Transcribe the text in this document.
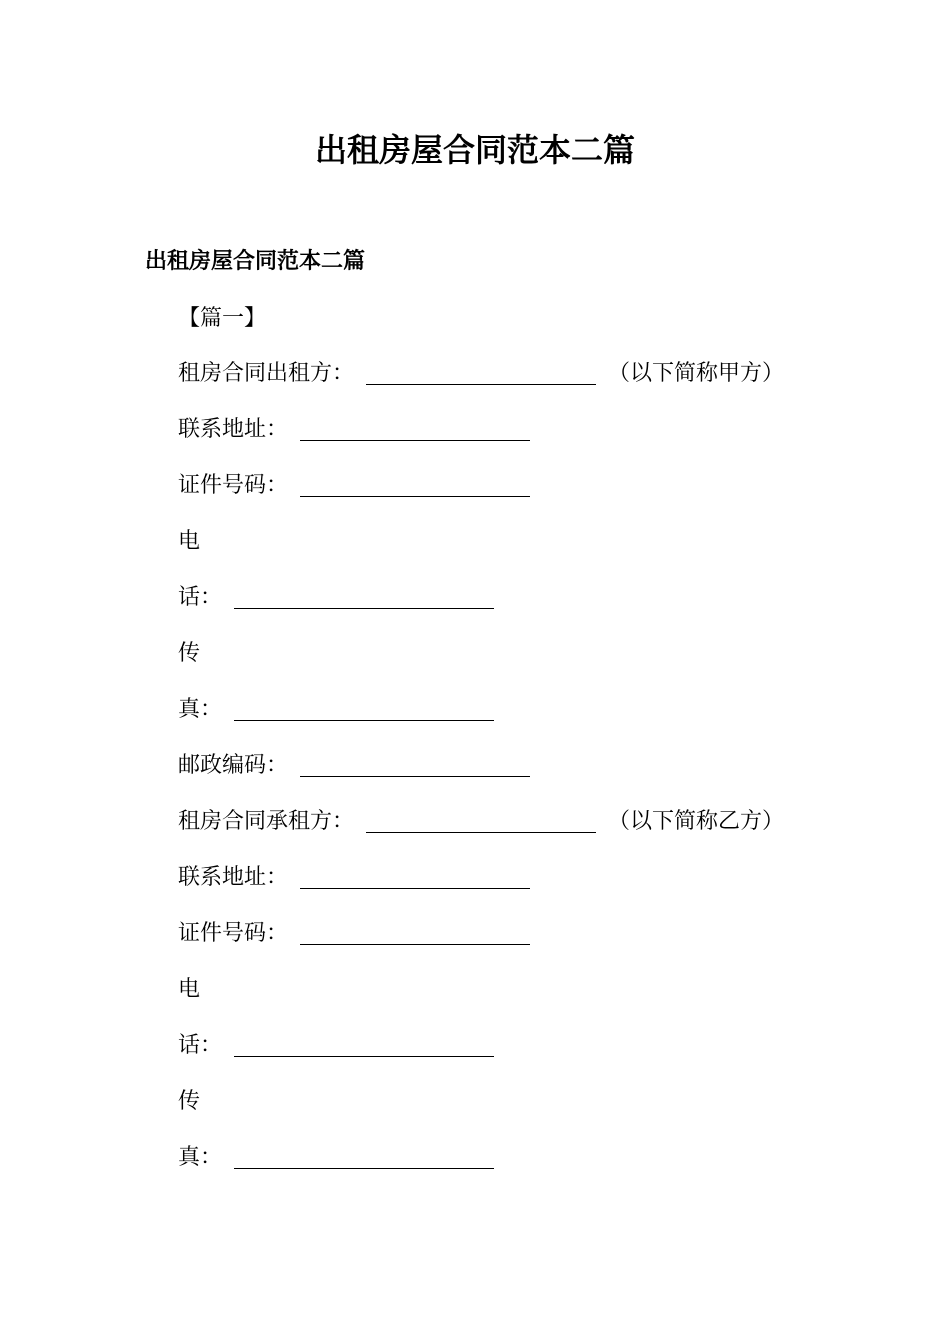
出租房屋合同范本二篇
出租房屋合同范本二篇
【篇一】
租房合同出租方：	（以下简称甲方）
联系地址：
证件号码：
电
话：
传
真：
邮政编码：
租房合同承租方：	（以下简称乙方）
联系地址：
证件号码：
电
话：
传
真：
